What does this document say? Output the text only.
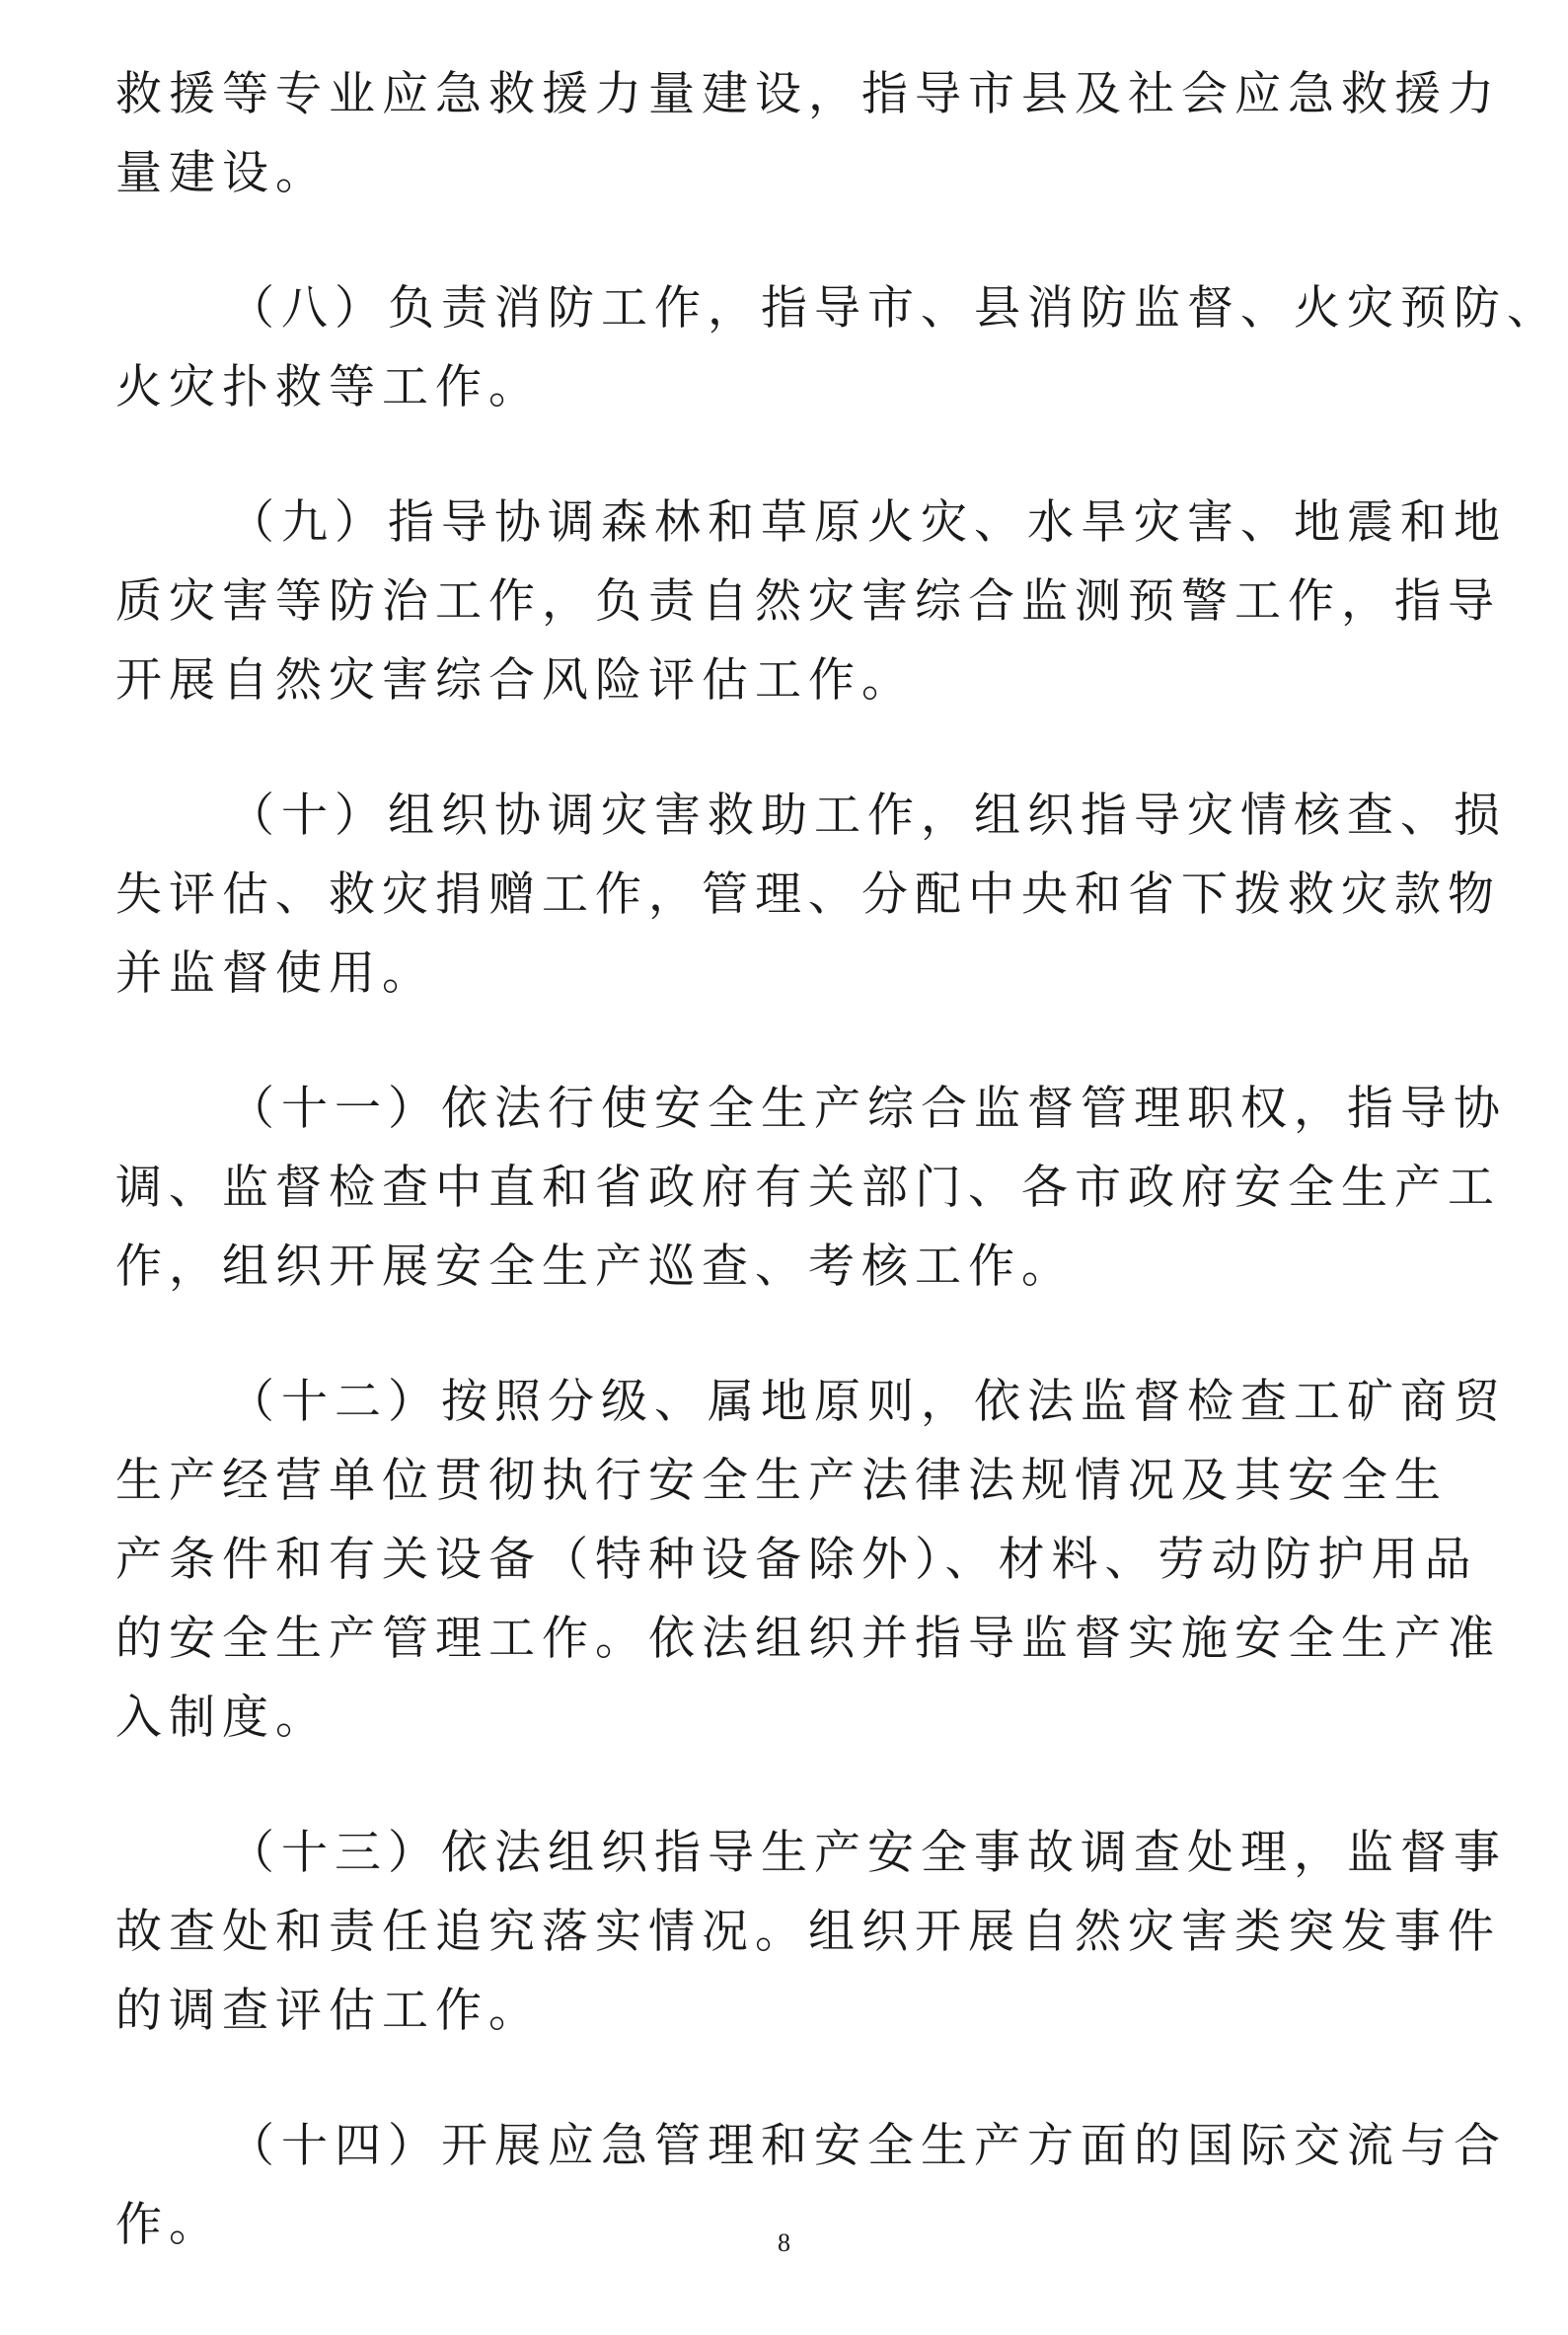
救援等专业应急救援力量建设，指导市县及社会应急救援力
量建设。
（八）负责消防工作，指导市、县消防监督、火灾预防、
火灾扑救等工作。
（九）指导协调森林和草原火灾、水旱灾害、地震和地
质灾害等防治工作，负责自然灾害综合监测预警工作，指导
开展自然灾害综合风险评估工作。
（十）组织协调灾害救助工作，组织指导灾情核查、损
失评估、救灾捐赠工作，管理、分配中央和省下拨救灾款物
并监督使用。
（十一）依法行使安全生产综合监督管理职权，指导协
调、监督检查中直和省政府有关部门、各市政府安全生产工
作，组织开展安全生产巡查、考核工作。
（十二）按照分级、属地原则，依法监督检查工矿商贸
生产经营单位贯彻执行安全生产法律法规情况及其安全生
产条件和有关设备（特种设备除外）、材料、劳动防护用品
的安全生产管理工作。依法组织并指导监督实施安全生产准
入制度。
（十三）依法组织指导生产安全事故调查处理，监督事
故查处和责任追究落实情况。组织开展自然灾害类突发事件
的调查评估工作。
（十四）开展应急管理和安全生产方面的国际交流与合
作。	8
